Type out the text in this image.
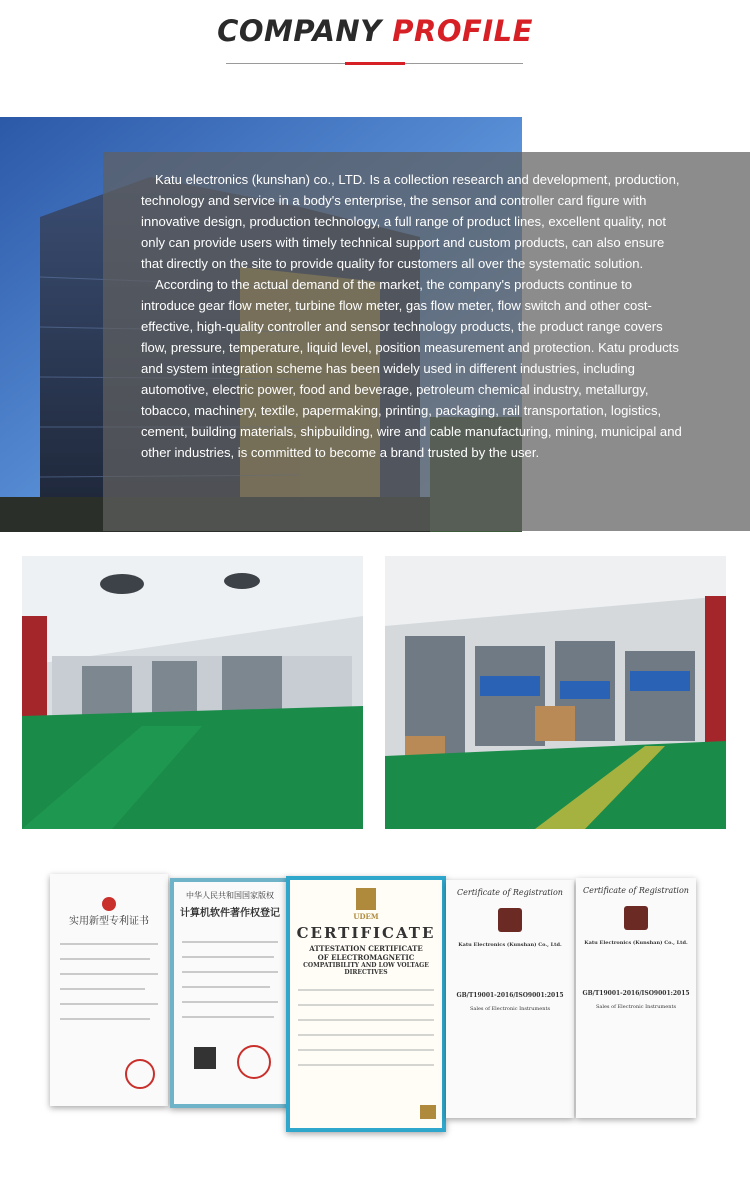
COMPANY PROFILE

Katu electronics (kunshan) co., LTD. Is a collection research and development, production, technology and service in a body's enterprise, the sensor and controller card figure with innovative design, production technology, a full range of product lines, excellent quality, not only can provide users with timely technical support and custom products, can also ensure that directly on the site to provide quality for customers all over the systematic solution.

According to the actual demand of the market, the company's products continue to introduce gear flow meter, turbine flow meter, gas flow meter, flow switch and other cost-effective, high-quality controller and sensor technology products, the product range covers flow, pressure, temperature, liquid level, position measurement and protection. Katu products and system integration scheme has been widely used in different industries, including automotive, electric power, food and beverage, petroleum chemical industry, metallurgy, tobacco, machinery, textile, papermaking, printing, packaging, rail transportation, logistics, cement, building materials, shipbuilding, wire and cable manufacturing, mining, municipal and other industries, is committed to become a brand trusted by the user.

实用新型专利证书
中华人民共和国国家版权
计算机软件著作权登记	UDEM
CERTIFICATE
ATTESTATION CERTIFICATE
OF ELECTROMAGNETIC
COMPATIBILITY AND LOW VOLTAGE DIRECTIVES
Certificate of Registration
Katu Electronics (Kunshan) Co., Ltd.
GB/T19001-2016/ISO9001:2015
Sales of Electronic Instruments
Certificate of Registration
Katu Electronics (Kunshan) Co., Ltd.
GB/T19001-2016/ISO9001:2015
Sales of Electronic Instruments
